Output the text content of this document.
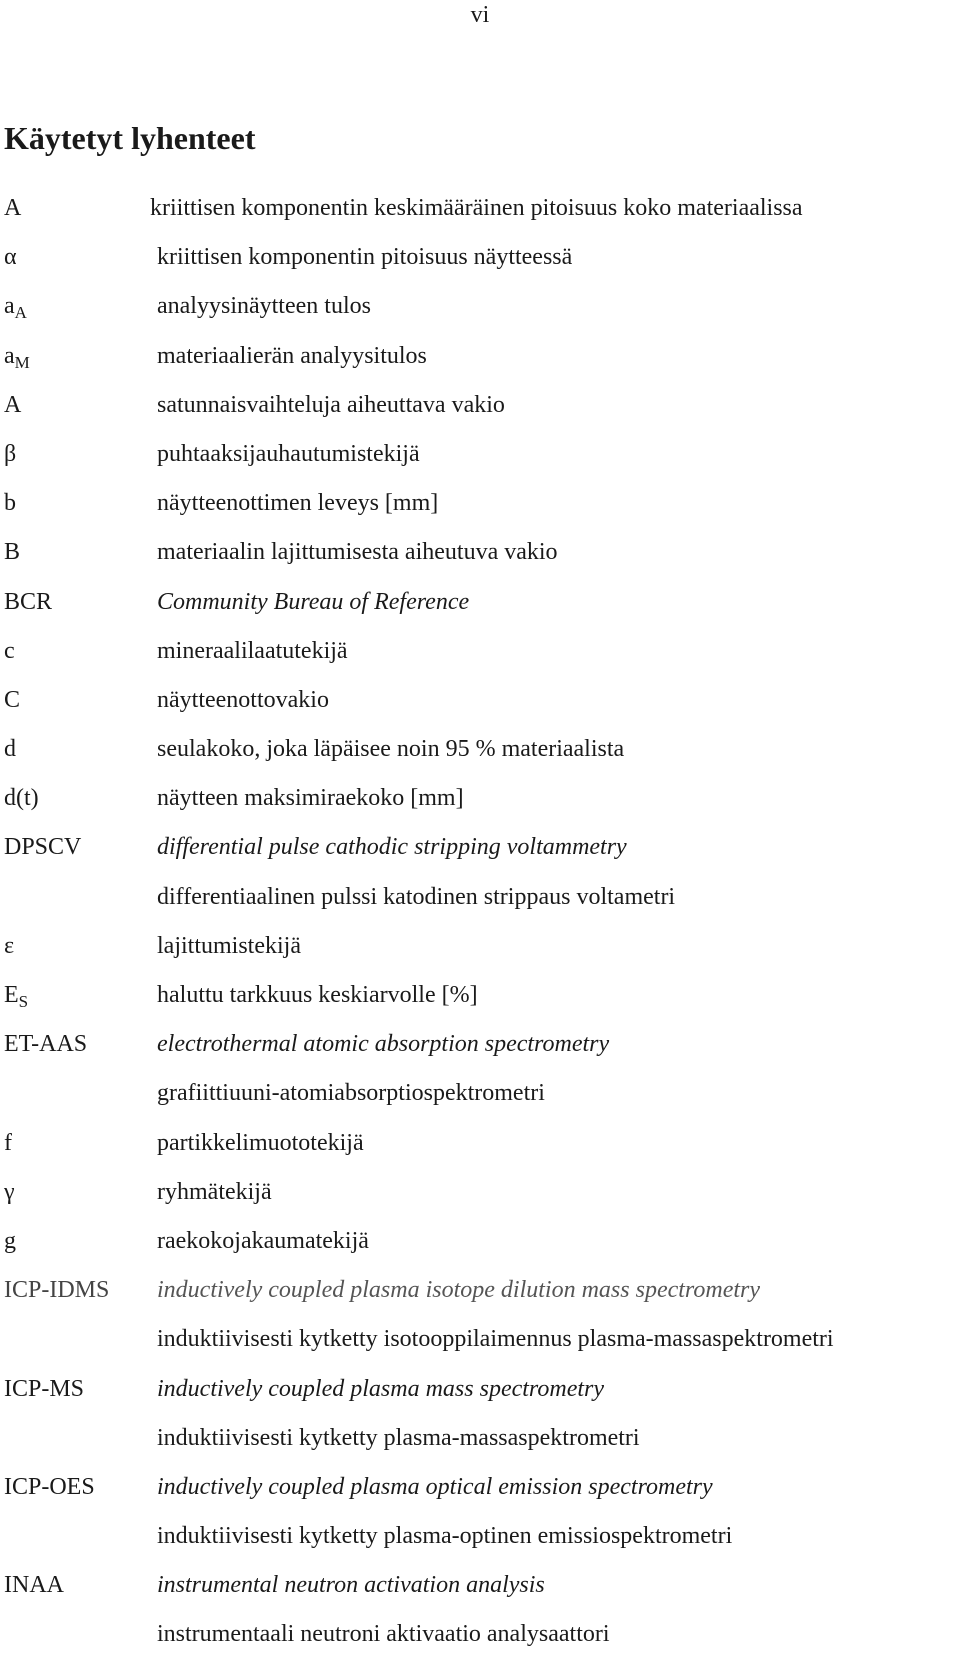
vi
Käytetyt lyhenteet
A	kriittisen komponentin keskimääräinen pitoisuus koko materiaalissa
α	kriittisen komponentin pitoisuus näytteessä
$a_A$	analyysinäytteen tulos
$a_M$	materiaalierän analyysitulos
A	satunnaisvaihteluja aiheuttava vakio
β	puhtaaksijauhautumistekijä
b	näytteenottimen leveys [mm]
B	materiaalin lajittumisesta aiheutuva vakio
BCR	Community Bureau of Reference
c	mineraalilaatutekijä
C	näytteenottovakio
d	seulakoko, joka läpäisee noin 95 % materiaalista
d(t)	näytteen maksimiraekoko [mm]
DPSCV	differential pulse cathodic stripping voltammetry
differentiaalinen pulssi katodinen strippaus voltametri
ε	lajittumistekijä
$E_S$	haluttu tarkkuus keskiarvolle [%]
ET-AAS	electrothermal atomic absorption spectrometry
grafiittiuuni-atomiabsorptiospektrometri
f	partikkelimuototekijä
γ	ryhmätekijä
g	raekokojakaumatekijä
ICP-IDMS inductively coupled plasma isotope dilution mass spectrometry
induktiivisesti kytketty isotooppilaimennus plasma-massaspektrometri
ICP-MS	inductively coupled plasma mass spectrometry
induktiivisesti kytketty plasma-massaspektrometri
ICP-OES	inductively coupled plasma optical emission spectrometry
induktiivisesti kytketty plasma-optinen emissiospektrometri
INAA	instrumental neutron activation analysis
instrumentaali neutroni aktivaatio analysaattori
